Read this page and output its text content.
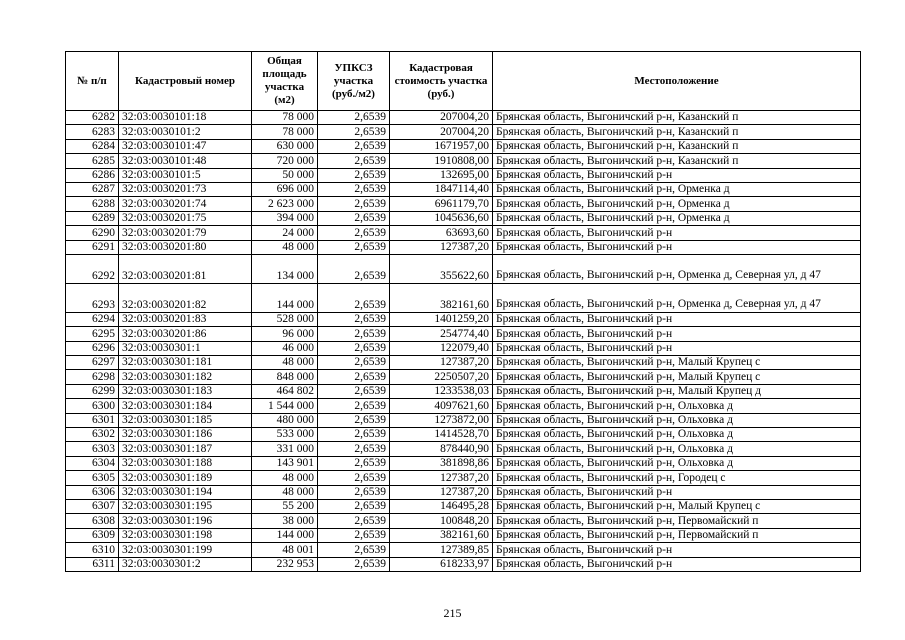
№ п/п	Кадастровый номер	Общая площадь участка (м2)	УПКСЗ участка (руб./м2)	Кадастровая стоимость участка (руб.)	Местоположение
6282	32:03:0030101:18	78 000	2,6539	207004,20	Брянская область, Выгоничский р-н, Казанский п
6283	32:03:0030101:2	78 000	2,6539	207004,20	Брянская область, Выгоничский р-н, Казанский п
6284	32:03:0030101:47	630 000	2,6539	1671957,00	Брянская область, Выгоничский р-н, Казанский п
6285	32:03:0030101:48	720 000	2,6539	1910808,00	Брянская область, Выгоничский р-н, Казанский п
6286	32:03:0030101:5	50 000	2,6539	132695,00	Брянская область, Выгоничский р-н
6287	32:03:0030201:73	696 000	2,6539	1847114,40	Брянская область, Выгоничский р-н, Орменка д
6288	32:03:0030201:74	2 623 000	2,6539	6961179,70	Брянская область, Выгоничский р-н, Орменка д
6289	32:03:0030201:75	394 000	2,6539	1045636,60	Брянская область, Выгоничский р-н, Орменка д
6290	32:03:0030201:79	24 000	2,6539	63693,60	Брянская область, Выгоничский р-н
6291	32:03:0030201:80	48 000	2,6539	127387,20	Брянская область, Выгоничский р-н
6292	32:03:0030201:81	134 000	2,6539	355622,60	Брянская область, Выгоничский р-н, Орменка д, Северная ул, д 47
6293	32:03:0030201:82	144 000	2,6539	382161,60	Брянская область, Выгоничский р-н, Орменка д, Северная ул, д 47
6294	32:03:0030201:83	528 000	2,6539	1401259,20	Брянская область, Выгоничский р-н
6295	32:03:0030201:86	96 000	2,6539	254774,40	Брянская область, Выгоничский р-н
6296	32:03:0030301:1	46 000	2,6539	122079,40	Брянская область, Выгоничский р-н
6297	32:03:0030301:181	48 000	2,6539	127387,20	Брянская область, Выгоничский р-н, Малый Крупец с
6298	32:03:0030301:182	848 000	2,6539	2250507,20	Брянская область, Выгоничский р-н, Малый Крупец с
6299	32:03:0030301:183	464 802	2,6539	1233538,03	Брянская область, Выгоничский р-н, Малый Крупец д
6300	32:03:0030301:184	1 544 000	2,6539	4097621,60	Брянская область, Выгоничский р-н, Ольховка д
6301	32:03:0030301:185	480 000	2,6539	1273872,00	Брянская область, Выгоничский р-н, Ольховка д
6302	32:03:0030301:186	533 000	2,6539	1414528,70	Брянская область, Выгоничский р-н, Ольховка д
6303	32:03:0030301:187	331 000	2,6539	878440,90	Брянская область, Выгоничский р-н, Ольховка д
6304	32:03:0030301:188	143 901	2,6539	381898,86	Брянская область, Выгоничский р-н, Ольховка д
6305	32:03:0030301:189	48 000	2,6539	127387,20	Брянская область, Выгоничский р-н, Городец с
6306	32:03:0030301:194	48 000	2,6539	127387,20	Брянская область, Выгоничский р-н
6307	32:03:0030301:195	55 200	2,6539	146495,28	Брянская область, Выгоничский р-н, Малый Крупец с
6308	32:03:0030301:196	38 000	2,6539	100848,20	Брянская область, Выгоничский р-н, Первомайский п
6309	32:03:0030301:198	144 000	2,6539	382161,60	Брянская область, Выгоничский р-н, Первомайский п
6310	32:03:0030301:199	48 001	2,6539	127389,85	Брянская область, Выгоничский р-н
6311	32:03:0030301:2	232 953	2,6539	618233,97	Брянская область, Выгоничский р-н
215
